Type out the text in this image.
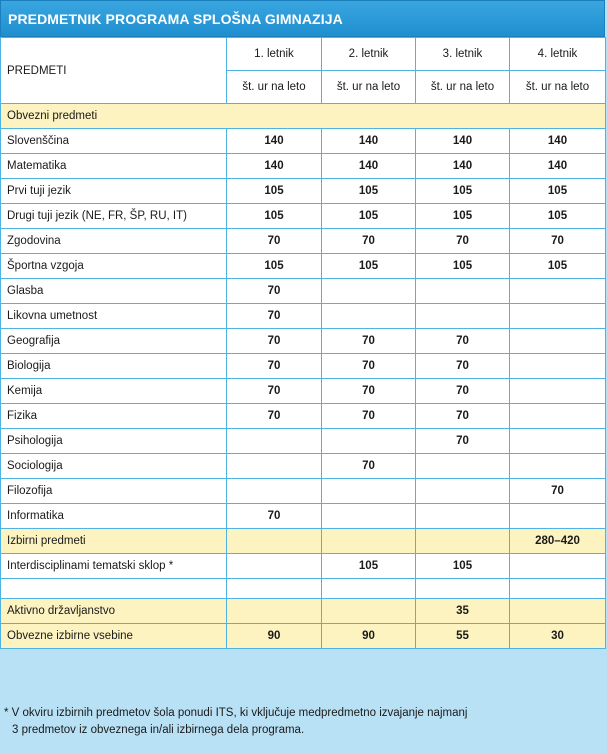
PREDMETNIK PROGRAMA SPLOŠNA GIMNAZIJA
PREDMETI	1. letnik	2. letnik	3. letnik	4. letnik
	št. ur na leto	št. ur na leto	št. ur na leto	št. ur na leto
Obvezni predmeti				
Slovenščina	140	140	140	140
Matematika	140	140	140	140
Prvi tuji jezik	105	105	105	105
Drugi tuji jezik (NE, FR, ŠP, RU, IT)	105	105	105	105
Zgodovina	70	70	70	70
Športna vzgoja	105	105	105	105
Glasba	70			
Likovna umetnost	70			
Geografija	70	70	70	
Biologija	70	70	70	
Kemija	70	70	70	
Fizika	70	70	70	
Psihologija			70	
Sociologija		70		
Filozofija				70
Informatika	70			
Izbirni predmeti				280–420
Interdisciplinami tematski sklop *		105	105	

Aktivno državljanstvo			35	
Obvezne izbirne vsebine	90	90	55	30
* V okviru izbirnih predmetov šola ponudi ITS, ki vključuje medpredmetno izvajanje najmanj
3 predmetov iz obveznega in/ali izbirnega dela programa.
